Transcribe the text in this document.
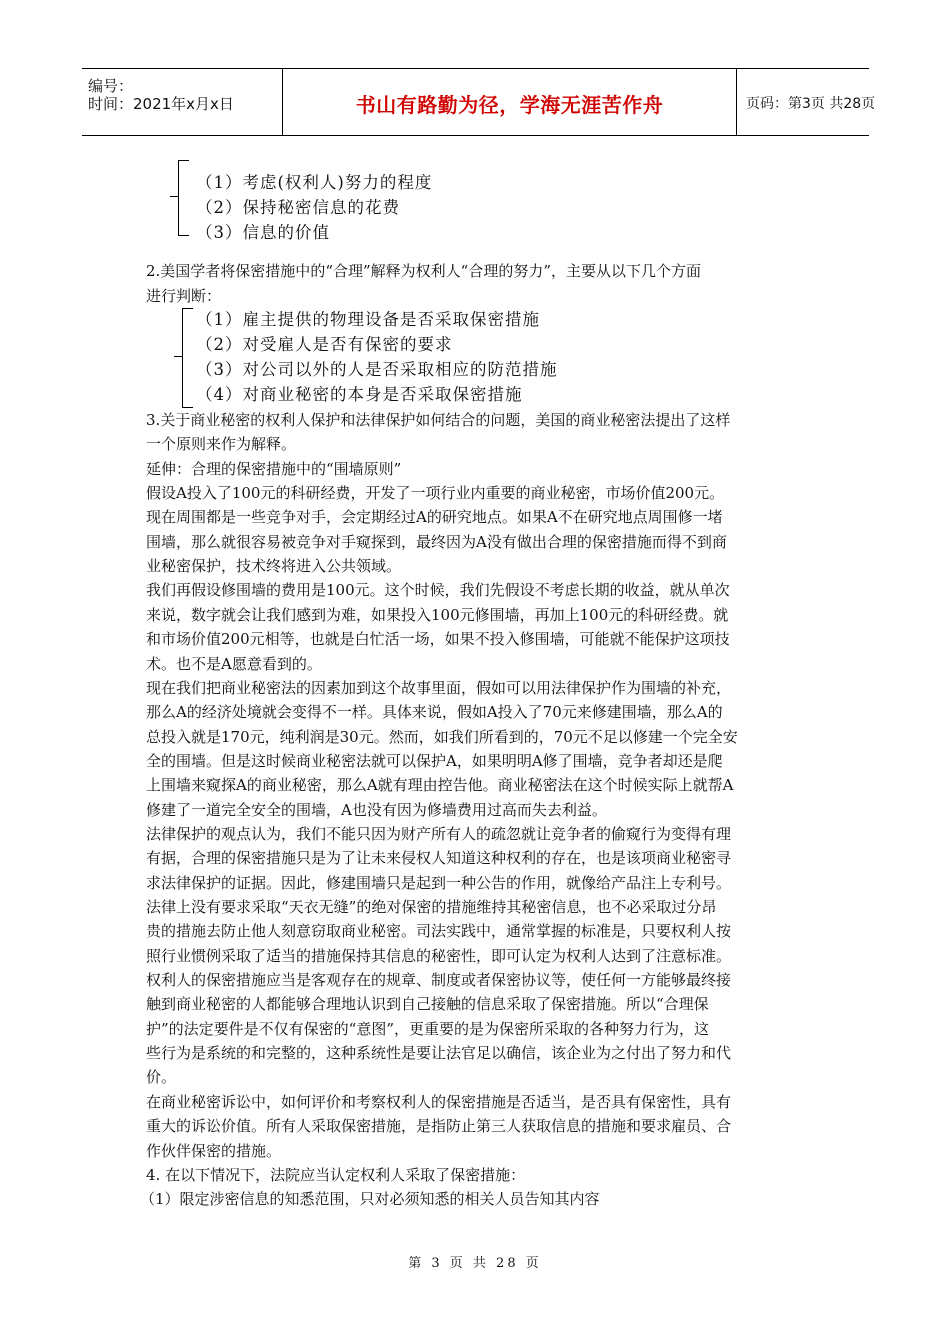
编号：
时间：2021年x月x日	书山有路勤为径，学海无涯苦作舟	页码：第3页 共28页
（1）考虑(权利人)努力的程度
（2）保持秘密信息的花费
（3）信息的价值
2.美国学者将保密措施中的“合理”解释为权利人“合理的努力”，主要从以下几个方面
进行判断：
（1）雇主提供的物理设备是否采取保密措施
（2）对受雇人是否有保密的要求
（3）对公司以外的人是否采取相应的防范措施
（4）对商业秘密的本身是否采取保密措施
3.关于商业秘密的权利人保护和法律保护如何结合的问题，美国的商业秘密法提出了这样
一个原则来作为解释。
延伸：合理的保密措施中的“围墙原则”
假设A投入了100元的科研经费，开发了一项行业内重要的商业秘密，市场价值200元。
现在周围都是一些竞争对手，会定期经过A的研究地点。如果A不在研究地点周围修一堵
围墙，那么就很容易被竞争对手窥探到，最终因为A没有做出合理的保密措施而得不到商
业秘密保护，技术终将进入公共领域。
我们再假设修围墙的费用是100元。这个时候，我们先假设不考虑长期的收益，就从单次
来说，数字就会让我们感到为难，如果投入100元修围墙，再加上100元的科研经费。就
和市场价值200元相等，也就是白忙活一场，如果不投入修围墙，可能就不能保护这项技
术。也不是A愿意看到的。
现在我们把商业秘密法的因素加到这个故事里面，假如可以用法律保护作为围墙的补充，
那么A的经济处境就会变得不一样。具体来说，假如A投入了70元来修建围墙，那么A的
总投入就是170元，纯利润是30元。然而，如我们所看到的，70元不足以修建一个完全安
全的围墙。但是这时候商业秘密法就可以保护A，如果明明A修了围墙，竞争者却还是爬
上围墙来窥探A的商业秘密，那么A就有理由控告他。商业秘密法在这个时候实际上就帮A
修建了一道完全安全的围墙，A也没有因为修墙费用过高而失去利益。
法律保护的观点认为，我们不能只因为财产所有人的疏忽就让竞争者的偷窥行为变得有理
有据，合理的保密措施只是为了让未来侵权人知道这种权利的存在，也是该项商业秘密寻
求法律保护的证据。因此，修建围墙只是起到一种公告的作用，就像给产品注上专利号。
法律上没有要求采取“天衣无缝”的绝对保密的措施维持其秘密信息，也不必采取过分昂
贵的措施去防止他人刻意窃取商业秘密。司法实践中，通常掌握的标准是，只要权利人按
照行业惯例采取了适当的措施保持其信息的秘密性，即可认定为权利人达到了注意标准。
权利人的保密措施应当是客观存在的规章、制度或者保密协议等，使任何一方能够最终接
触到商业秘密的人都能够合理地认识到自己接触的信息采取了保密措施。所以“合理保
护”的法定要件是不仅有保密的“意图”，更重要的是为保密所采取的各种努力行为，这
些行为是系统的和完整的，这种系统性是要让法官足以确信，该企业为之付出了努力和代
价。
在商业秘密诉讼中，如何评价和考察权利人的保密措施是否适当，是否具有保密性，具有
重大的诉讼价值。所有人采取保密措施，是指防止第三人获取信息的措施和要求雇员、合
作伙伴保密的措施。
4. 在以下情况下，法院应当认定权利人采取了保密措施：
（1）限定涉密信息的知悉范围，只对必须知悉的相关人员告知其内容
第 3 页 共 28 页
